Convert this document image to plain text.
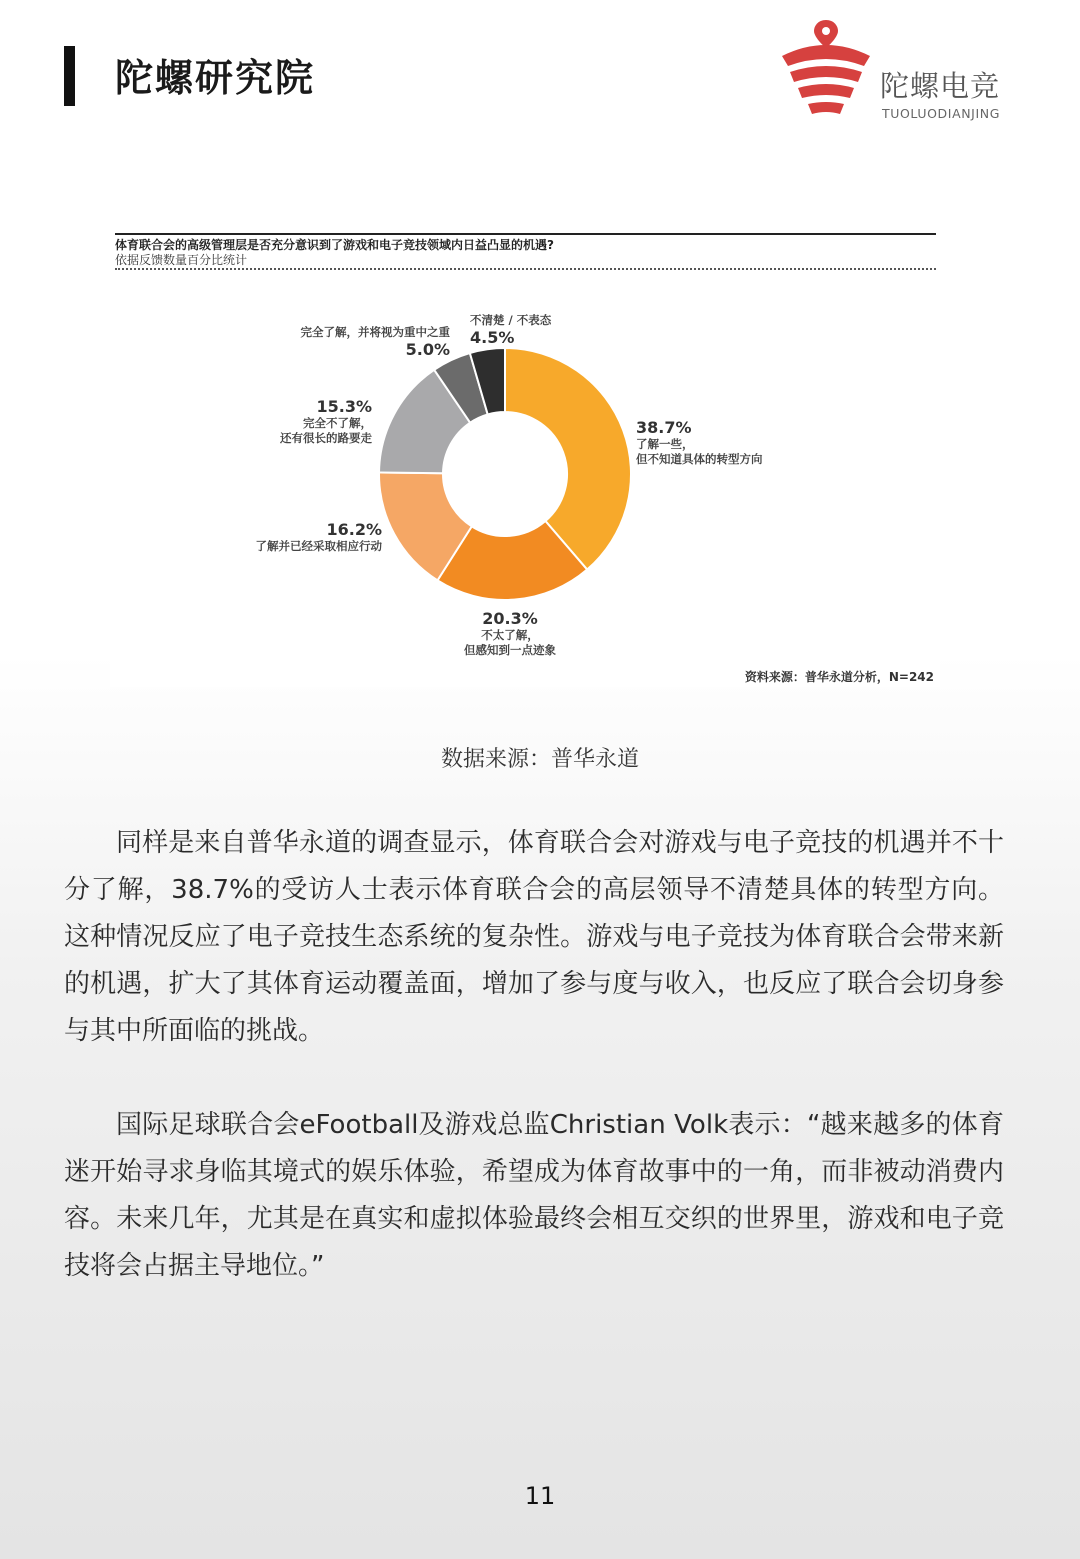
陀螺研究院	陀螺电竞
TUOLUODIANJING
体育联合会的高级管理层是否充分意识到了游戏和电子竞技领域内日益凸显的机遇?
依据反馈数量百分比统计
38.7%
了解一些，
但不知道具体的转型方向
20.3%
不太了解，
但感知到一点迹象
16.2%
了解并已经采取相应行动
15.3%
完全不了解，
还有很长的路要走
完全了解，并将视为重中之重
5.0%
不清楚 / 不表态
4.5%
资料来源：普华永道分析，N=242
数据来源：普华永道

同样是来自普华永道的调查显示，体育联合会对游戏与电子竞技的机遇并不十分了解，38.7%的受访人士表示体育联合会的高层领导不清楚具体的转型方向。这种情况反应了电子竞技生态系统的复杂性。游戏与电子竞技为体育联合会带来新的机遇，扩大了其体育运动覆盖面，增加了参与度与收入，也反应了联合会切身参与其中所面临的挑战。

国际足球联合会eFootball及游戏总监Christian Volk表示：“越来越多的体育迷开始寻求身临其境式的娱乐体验，希望成为体育故事中的一角，而非被动消费内容。未来几年，尤其是在真实和虚拟体验最终会相互交织的世界里，游戏和电子竞技将会占据主导地位。”

11
